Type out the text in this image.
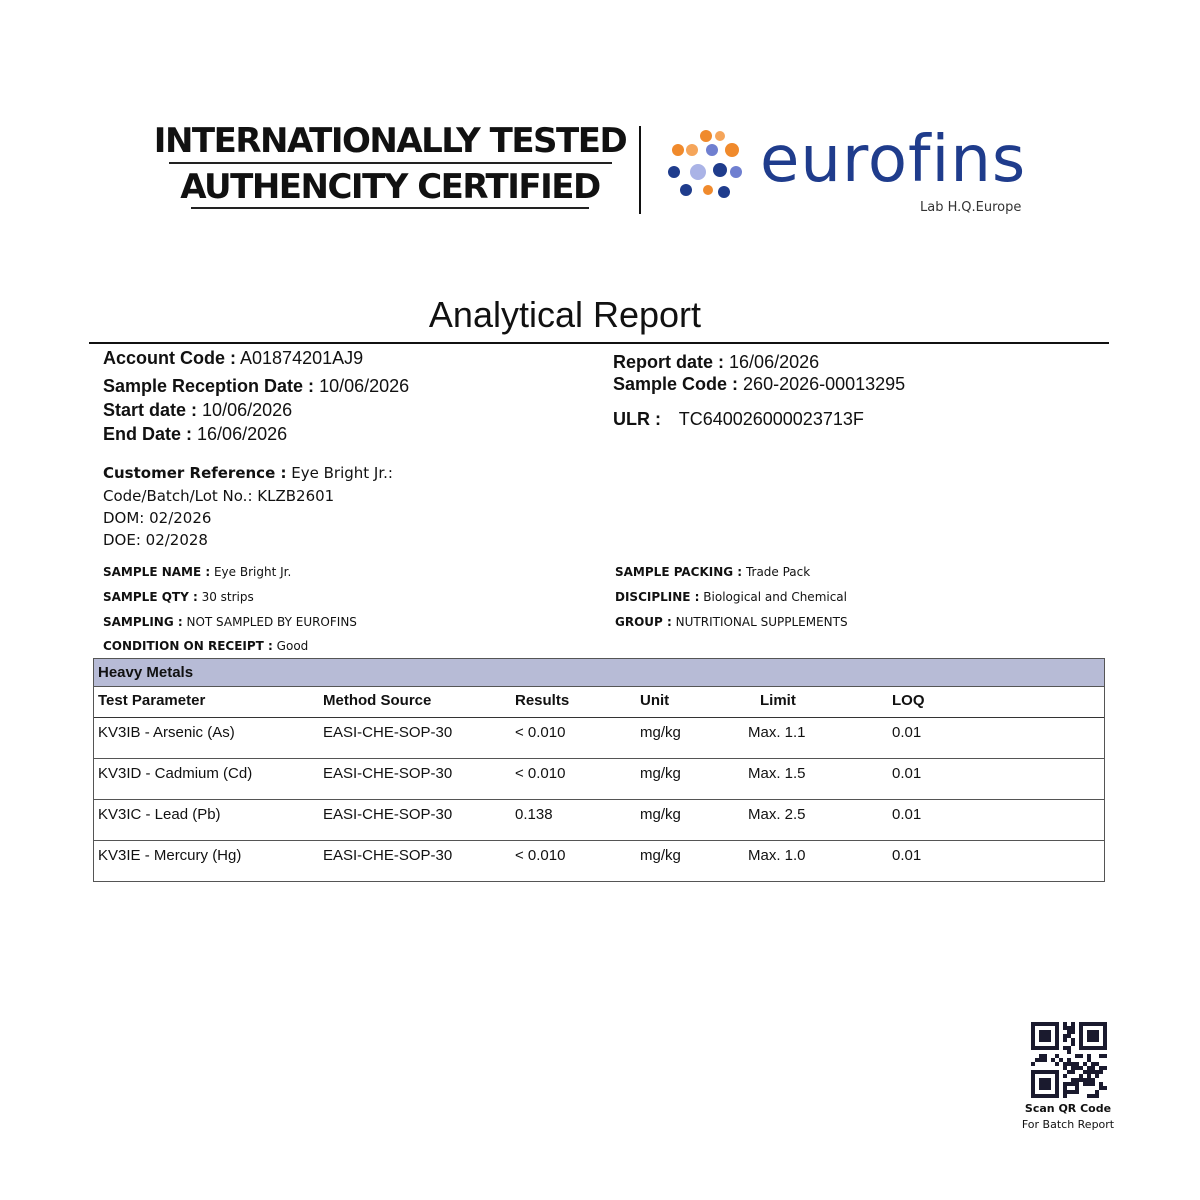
INTERNATIONALLY TESTED
AUTHENCITY CERTIFIED	eurofins
Lab H.Q.Europe
Analytical Report
Account Code : A01874201AJ9
Sample Reception Date : 10/06/2026
Start date : 10/06/2026
End Date : 16/06/2026
Report date : 16/06/2026
Sample Code : 260-2026-00013295
ULR : TC640026000023713F
Customer Reference : Eye Bright Jr.:
Code/Batch/Lot No.: KLZB2601
DOM: 02/2026
DOE: 02/2028
SAMPLE NAME : Eye Bright Jr.
SAMPLE QTY : 30 strips
SAMPLING : NOT SAMPLED BY EUROFINS
CONDITION ON RECEIPT : Good
SAMPLE PACKING : Trade Pack
DISCIPLINE : Biological and Chemical
GROUP : NUTRITIONAL SUPPLEMENTS
Heavy Metals
Test Parameter	Method Source	Results	Unit	Limit	LOQ
KV3IB - Arsenic (As)	EASI-CHE-SOP-30	< 0.010	mg/kg	Max. 1.1	0.01
KV3ID - Cadmium (Cd)	EASI-CHE-SOP-30	< 0.010	mg/kg	Max. 1.5	0.01
KV3IC - Lead (Pb)	EASI-CHE-SOP-30	0.138	mg/kg	Max. 2.5	0.01
KV3IE - Mercury (Hg)	EASI-CHE-SOP-30	< 0.010	mg/kg	Max. 1.0	0.01
Scan QR Code
For Batch Report
